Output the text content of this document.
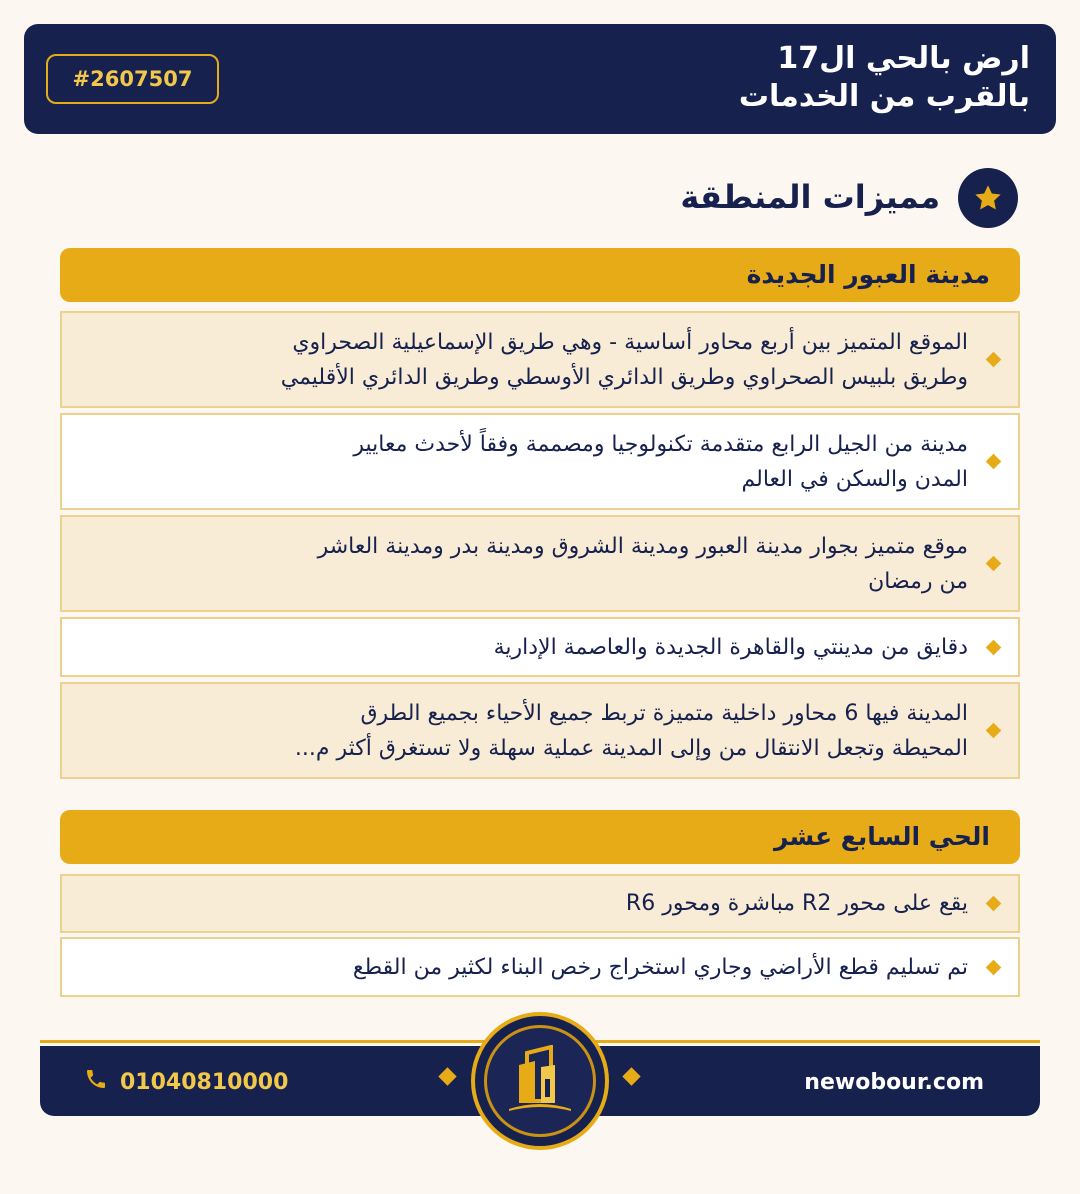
ارض بالحي ال17
بالقرب من الخدمات
#2607507
مميزات المنطقة
مدينة العبور الجديدة
الموقع المتميز بين أربع محاور أساسية - وهي طريق الإسماعيلية الصحراوي
وطريق بلبيس الصحراوي وطريق الدائري الأوسطي وطريق الدائري الأقليمي
مدينة من الجيل الرابع متقدمة تكنولوجيا ومصممة وفقاً لأحدث معايير
المدن والسكن في العالم
موقع متميز بجوار مدينة العبور ومدينة الشروق ومدينة بدر ومدينة العاشر
من رمضان
دقايق من مدينتي والقاهرة الجديدة والعاصمة الإدارية
المدينة فيها 6 محاور داخلية متميزة تربط جميع الأحياء بجميع الطرق
المحيطة وتجعل الانتقال من وإلى المدينة عملية سهلة ولا تستغرق أكثر م...
الحي السابع عشر
يقع على محور R2 مباشرة ومحور R6
تم تسليم قطع الأراضي وجاري استخراج رخص البناء لكثير من القطع
01040810000	newobour.com
